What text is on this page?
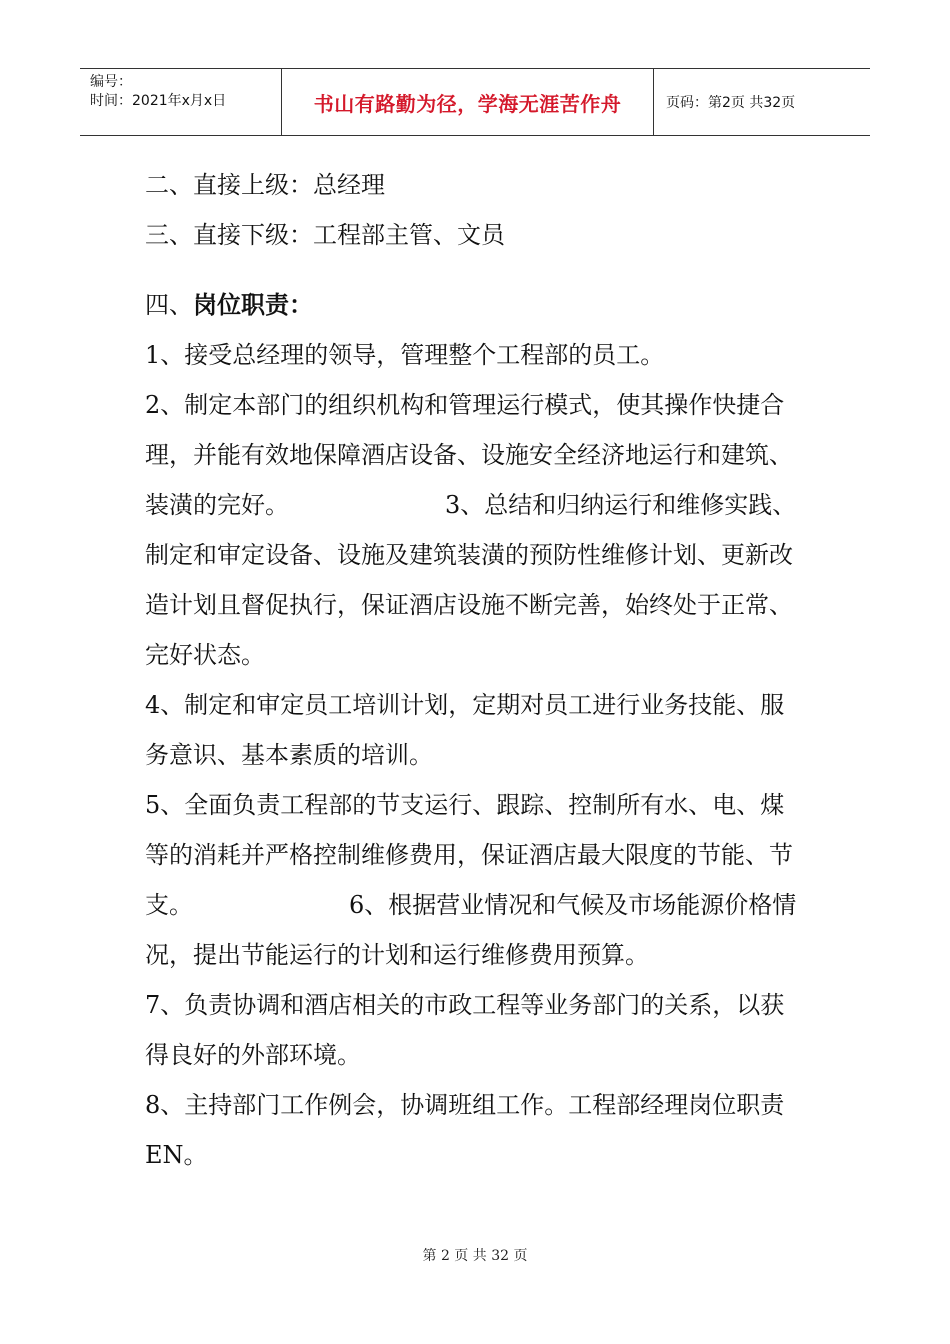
编号：
时间：2021年x月x日	书山有路勤为径，学海无涯苦作舟	页码：第2页 共32页

二、直接上级：总经理

三、直接下级：工程部主管、文员

四、岗位职责：

1、接受总经理的领导，管理整个工程部的员工。

2、制定本部门的组织机构和管理运行模式，使其操作快捷合理，并能有效地保障酒店设备、设施安全经济地运行和建筑、装潢的完好。　　　　　　　3、总结和归纳运行和维修实践、制定和审定设备、设施及建筑装潢的预防性维修计划、更新改造计划且督促执行，保证酒店设施不断完善，始终处于正常、完好状态。

4、制定和审定员工培训计划，定期对员工进行业务技能、服务意识、基本素质的培训。

5、全面负责工程部的节支运行、跟踪、控制所有水、电、煤等的消耗并严格控制维修费用，保证酒店最大限度的节能、节支。　　　　　　　6、根据营业情况和气候及市场能源价格情况，提出节能运行的计划和运行维修费用预算。

7、负责协调和酒店相关的市政工程等业务部门的关系，以获得良好的外部环境。

8、主持部门工作例会，协调班组工作。工程部经理岗位职责EN。

第 2 页 共 32 页
